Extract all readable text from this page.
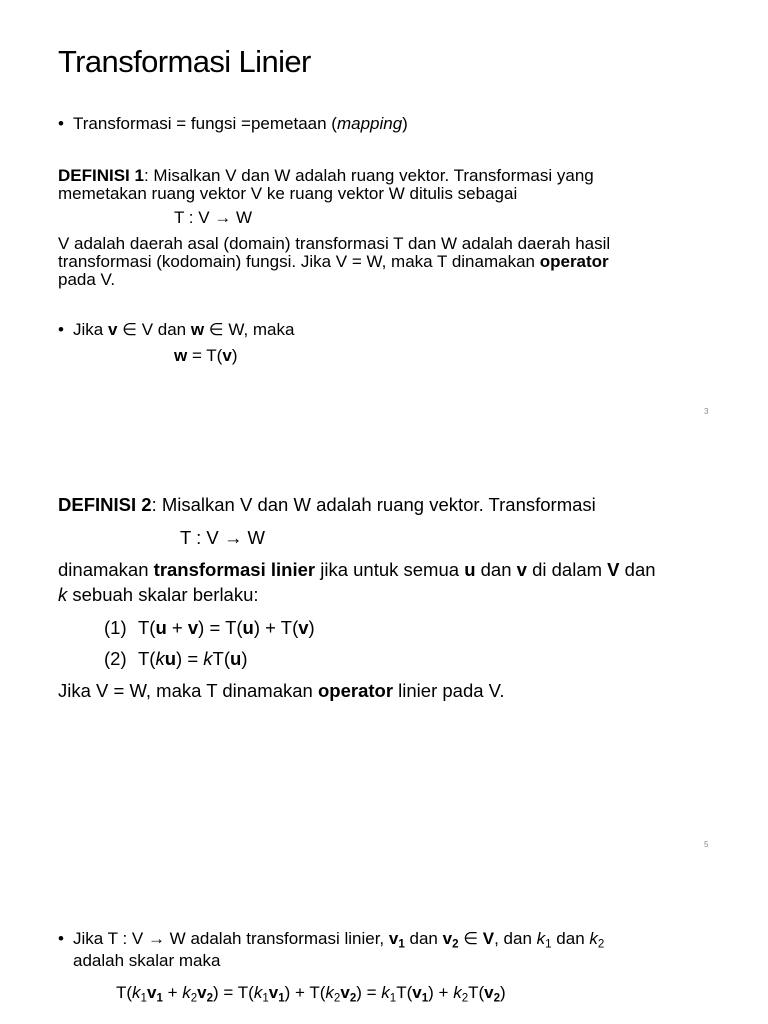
Transformasi Linier
• Transformasi = fungsi =pemetaan (mapping)
DEFINISI 1: Misalkan V dan W adalah ruang vektor. Transformasi yang
memetakan ruang vektor V ke ruang vektor W ditulis sebagai
T : V → W
V adalah daerah asal (domain) transformasi T dan W adalah daerah hasil
transformasi (kodomain) fungsi. Jika V = W, maka T dinamakan operator
pada V.
• Jika v ∈ V dan w ∈ W, maka
w = T(v)
3
DEFINISI 2: Misalkan V dan W adalah ruang vektor. Transformasi
T : V → W
dinamakan transformasi linier jika untuk semua u dan v di dalam V dan
k sebuah skalar berlaku:
(1) T(u + v) = T(u) + T(v)
(2) T(ku) = kT(u)
Jika V = W, maka T dinamakan operator linier pada V.
5
• Jika T : V → W adalah transformasi linier, $v_1$ dan $v_2$ ∈ V, dan $k_1$ dan $k_2$
adalah skalar maka
$T(k_1v_1 + k_2v_2) = T(k_1v_1) + T(k_2v_2) = k_1T(v_1) + k_2T(v_2)$
